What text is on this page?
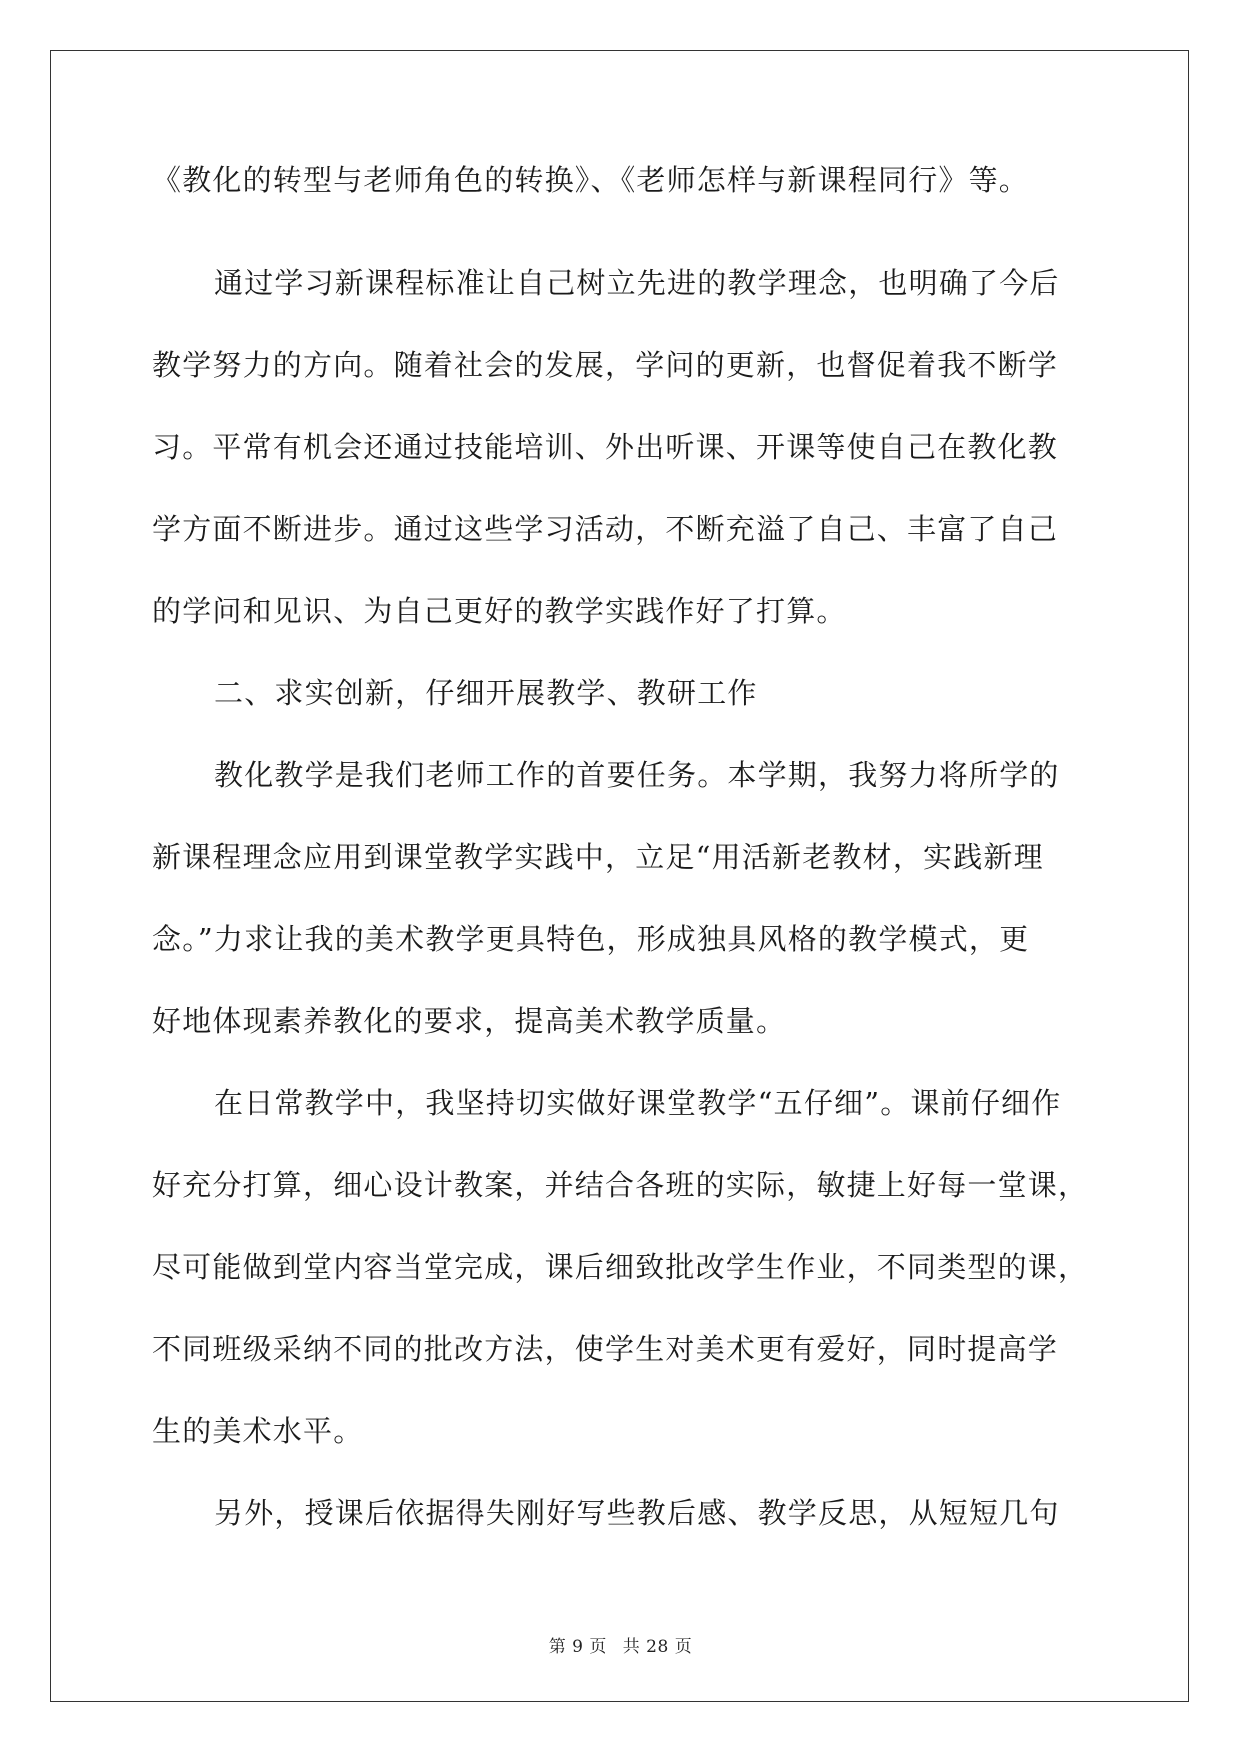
《教化的转型与老师角色的转换》、《老师怎样与新课程同行》等。
通过学习新课程标准让自己树立先进的教学理念，也明确了今后
教学努力的方向。随着社会的发展，学问的更新，也督促着我不断学
习。平常有机会还通过技能培训、外出听课、开课等使自己在教化教
学方面不断进步。通过这些学习活动，不断充溢了自己、丰富了自己
的学问和见识、为自己更好的教学实践作好了打算。
二、求实创新，仔细开展教学、教研工作
教化教学是我们老师工作的首要任务。本学期，我努力将所学的
新课程理念应用到课堂教学实践中，立足“用活新老教材，实践新理
念。”力求让我的美术教学更具特色，形成独具风格的教学模式，更
好地体现素养教化的要求，提高美术教学质量。
在日常教学中，我坚持切实做好课堂教学“五仔细”。课前仔细作
好充分打算，细心设计教案，并结合各班的实际，敏捷上好每一堂课，
尽可能做到堂内容当堂完成，课后细致批改学生作业，不同类型的课，
不同班级采纳不同的批改方法，使学生对美术更有爱好，同时提高学
生的美术水平。
另外，授课后依据得失刚好写些教后感、教学反思，从短短几句
第 9 页 共 28 页
